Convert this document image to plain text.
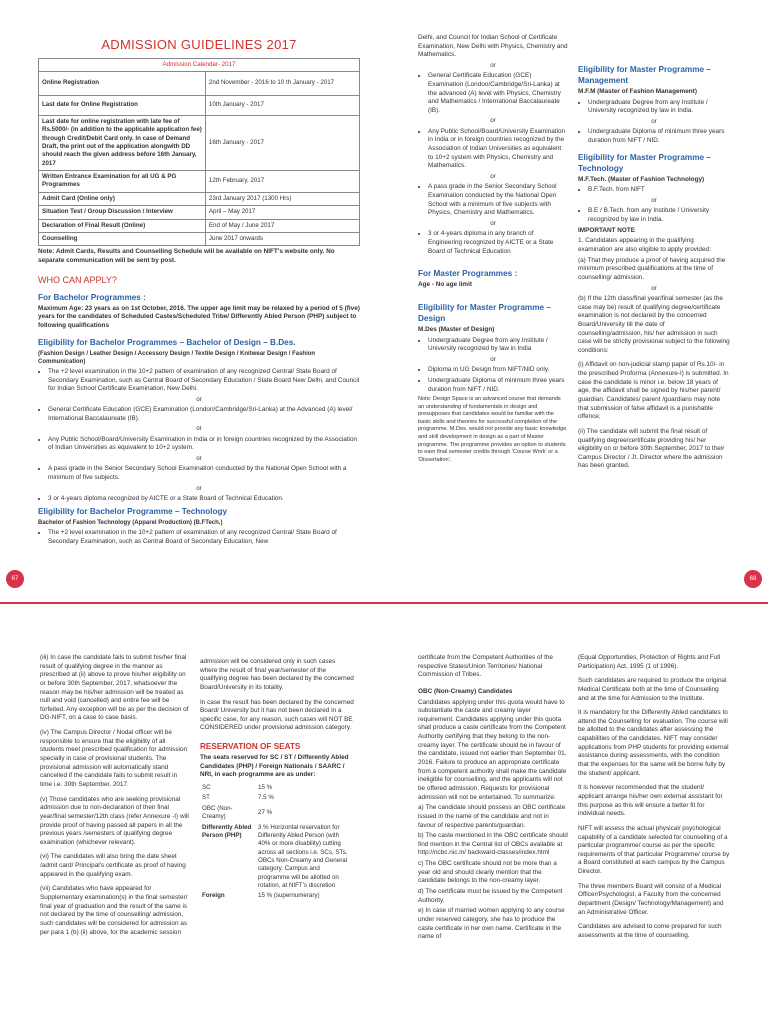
ADMISSION GUIDELINES 2017
Admission Calendar- 2017	
Online Registration	2nd November - 2016 to 10 th January - 2017
Last date for Online Registration	10th January - 2017
Last date for online registration with late fee of Rs.5000/- (in addition to the applicable application fee) through Credit/Debit Card only. In case of Demand Draft, the print out of the application alongwith DD should reach the given address before 16th January, 2017	16th January - 2017
Written Entrance Examination for all UG & PG Programmes	12th February, 2017
Admit Card (Online only)	23rd January 2017 (1300 Hrs)
Situation Test / Group Discussion / Interview	April – May 2017
Declaration of Final Result (Online)	End of May / June 2017
Counselling	June 2017 onwards

Note: Admit Cards, Results and Counselling Schedule will be available on NIFT's website only. No separate communication will be sent by post.

WHO CAN APPLY?
For Bachelor Programmes :

Maximum Age: 23 years as on 1st October, 2016. The upper age limit may be relaxed by a period of 5 (five) years for the candidates of Scheduled Castes/Scheduled Tribe/ Differently Abled Person (PHP) subject to following qualifications

Eligibility for Bachelor Programmes – Bachelor of Design – B.Des.

(Fashion Design / Leather Design / Accessory Design / Textile Design / Knitwear Design / Fashion Communication)

• The +2 level examination in the 10+2 pattern of examination of any recognized Central/ State Board of Secondary Examination, such as Central Board of Secondary Education / State Board New Delhi, and Council for Indian School Certificate Examination, New Delhi.
or
• General Certificate Education (GCE) Examination (London/Cambridge/Sri-Lanka) at the Advanced (A) level/ International Baccalaureate (IB).
or
• Any Public School/Board/University Examination in India or in foreign countries recognized by the Association of Indian Universities as equivalent to 10+2 system.
or
• A pass grade in the Senior Secondary School Examination conducted by the National Open School with a minimum of five subjects.
or
• 3 or 4-years diploma recognized by AICTE or a State Board of Technical Education.
Eligibility for Bachelor Programme – Technology

Bachelor of Fashion Technology (Apparel Production) (B.FTech.)

• The +2 level examination in the 10+2 pattern of examination of any recognized Central/ State Board of Secondary Examination, such as Central Board of Secondary Education, New

Delhi, and Council for Indian School of Certificate Examination, New Delhi with Physics, Chemistry and Mathematics.

or
• General Certificate Education (GCE) Examination (London/Cambridge/Sri-Lanka) at the advanced (A) level with Physics, Chemistry and Mathematics / International Baccalaureate (IB).
or
• Any Public School/Board/University Examination in India or in foreign countries recognized by the Association of Indian Universities as equivalent to 10+2 system with Physics, Chemistry and Mathematics.
or
• A pass grade in the Senior Secondary School Examination conducted by the National Open School with a minimum of five subjects with Physics, Chemistry and Mathematics.
or
• 3 or 4-years diploma in any branch of Engineering recognized by AICTE or a State Board of Technical Education
For Master Programmes :

Age - No age limit

Eligibility for Master Programme – Design

M.Des (Master of Design)

• Undergraduate Degree from any Institute / University recognized by law in India
or
• Diploma in UG Design from NIFT/NID only.
• Undergraduate Diploma of minimum three years duration from NIFT / NID.

Note: Design Space is an advanced course that demands an understanding of fundamentals in design and presupposes that candidates would be familiar with the basic skills and theories for successful completion of the programme. M.Des. would not provide any basic knowledge and skill development in design as a part of Master programme. The programme provides an option to students to earn final semester credits through 'Course Work' or a 'Dissertation'.

Eligibility for Master Programme – Management

M.F.M (Master of Fashion Management)

• Undergraduate Degree from any Institute / University recognized by law in India.
or
• Undergraduate Diploma of minimum three years duration from NIFT / NID.
Eligibility for Master Programme – Technology

M.F.Tech. (Master of Fashion Technology)

• B.F.Tech. from NIFT
or
• B.E / B.Tech. from any Institute / University recognized by law in India.

IMPORTANT NOTE

1. Candidates appearing in the qualifying examination are also eligible to apply provided:

(a) That they produce a proof of having acquired the minimum prescribed qualifications at the time of counselling/ admission.

or

(b) If the 12th class/final year/final semester (as the case may be) result of qualifying degree/certificate examination is not declared by the concerned Board/University till the date of counselling/admission, his/ her admission in such case will be strictly provisional subject to the following conditions:

(i) Affidavit on non-judicial stamp paper of Rs.10/- in the prescribed Proforma (Annexure-I) is submitted. In case the candidate is minor i.e. below 18 years of age, the affidavit shall be signed by his/her parent/ guardian. Candidates/ parent /guardians may note that submission of false affidavit is a punishable offence;

(ii) The candidate will submit the final result of qualifying degree/certificate providing his/ her eligibility on or before 30th September, 2017 to their Campus Director / Jt. Director where the admission has been granted.

67	68

(iii) In case the candidate fails to submit his/her final result of qualifying degree in the manner as prescribed at (ii) above to prove his/her eligibility on or before 30th September, 2017, whatsoever the reason may be his/her admission will be treated as null and void (cancelled) and entire fee will be forfeited. Any exception will be as per the decision of DG-NIFT, on a case to case basis.

(iv) The Campus Director / Nodal officer will be responsible to ensure that the eligibility of all students meet prescribed qualification for admission specially in case of provisional students. The provisional admission will automatically stand cancelled if the candidate fails to submit result in time i.e. 30th September, 2017.

(v) Those candidates who are seeking provisional admission due to non-declaration of their final year/final semester/12th class (refer Annexure -I) will provide proof of having passed all papers in all the previous years /semesters of qualifying degree examination (whichever relevant).

(vi) The candidates will also bring the date sheet /admit card/ Principal's certificate as proof of having appeared in the qualifying exam.

(vii) Candidates who have appeared for Supplementary examination(s) in the final semester/ final year of graduation and the result of the same is not declared by the time of counselling/ admission, such candidates will be considered for admission as per para 1 (b) (ii) above, for the academic session

admission will be considered only in such cases where the result of final year/semester of the qualifying degree has been declared by the concerned Board/University in its totality.

In case the result has been declared by the concerned Board/ University but it has not been declared in a specific case, for any reason, such cases will NOT BE CONSIDERED under provisional admission category.

RESERVATION OF SEATS

The seats reserved for SC / ST / Differently Abled Candidates (PHP) / Foreign Nationals / SAARC / NRI, in each programme are as under:

SC	15 %
ST	7.5 %
OBC (Non-Creamy)	27 %
Differently Abled Person (PHP)	3 % Horizontal reservation for Differently Abled Person (with 40% or more disability) cutting across all sections i.e. SCs, STs, OBCs Non-Creamy and General category. Campus and programme will be allotted on rotation, at NIFT's discretion
Foreign	15 % (supernumerary)

certificate from the Competent Authorities of the respective States/Union Territories/ National Commission of Tribes.

OBC (Non-Creamy) Candidates

Candidates applying under this quota would have to substantiate the caste and creamy layer requirement. Candidates applying under this quota shall produce a caste certificate from the Competent Authority certifying that they belong to the non-creamy layer. The certificate should be in favour of the candidate, issued not earlier than September 01, 2016. Failure to produce an appropriate certificate from a competent authority shall make the candidate ineligible for counselling, and the applicants will not be offered admission. Requests for provisional admission will not be entertained. To summarize:

a) The candidate should possess an OBC certificate issued in the name of the candidate and not in favour of respective parents/guardian.

b) The caste mentioned in the OBC certificate should find mention in the Central list of OBCs available at http://ncbc.nic.in/ backward-classes/index.html

c) The OBC certificate should not be more than a year old and should clearly mention that the candidate belongs to the non-creamy layer.

d) The certificate must be issued by the Competent Authority.

e) In case of married women applying to any course under reserved category, she has to produce the caste certificate in her own name. Certificate in the name of

(Equal Opportunities, Protection of Rights and Full Participation) Act, 1995 (1 of 1996).

Such candidates are required to produce the original Medical Certificate both at the time of Counselling and at the time for Admission to the Institute.

It is mandatory for the Differently Abled candidates to attend the Counselling for evaluation. The course will be allotted to the candidates after assessing the capabilities of the candidates. NIFT may consider applications from PHP students for providing external assistance during assessments, with the condition that the expenses for the same will be borne fully by the student/ applicant.

It is however recommended that the student/ applicant arrange his/her own external assistant for this purpose as this will ensure a better fit for individual needs.

NIFT will assess the actual physical/ psychological capability of a candidate selected for counselling of a particular programme/ course as per the specific requirements of that particular Programme/ course by a Board constituted at each campus by the Campus Director.

The three members Board will consist of a Medical Officer/Psychologist, a Faculty from the concerned department (Design/ Technology/Management) and an Administrative Officer.

Candidates are advised to come prepared for such assessments at the time of counselling.
